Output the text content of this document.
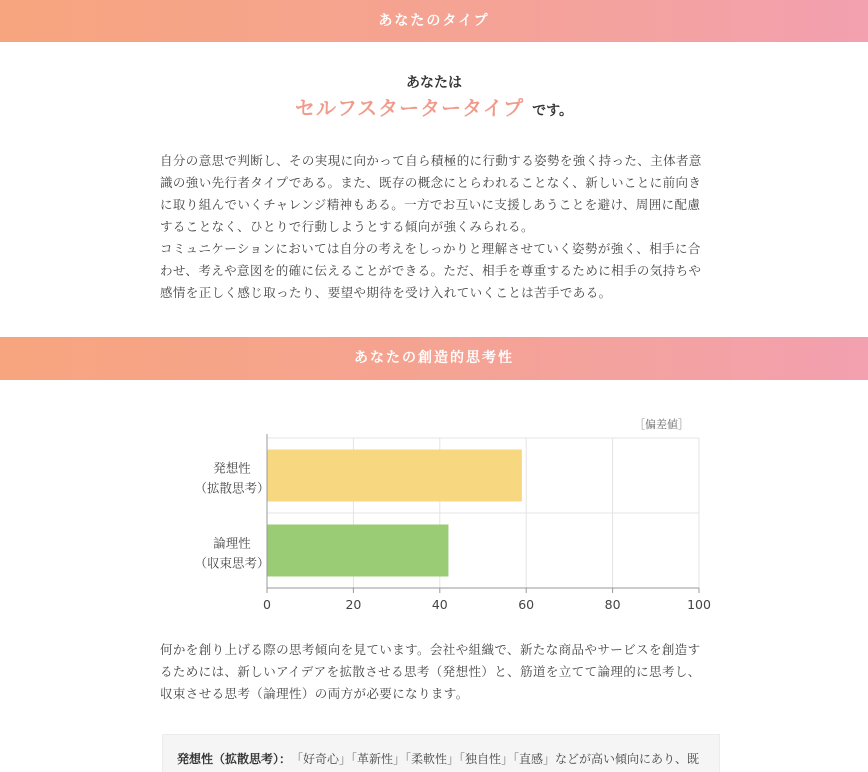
あなたのタイプ
あなたは
セルフスタータータイプ です。

自分の意思で判断し、その実現に向かって自ら積極的に行動する姿勢を強く持った、主体者意

識の強い先行者タイプである。また、既存の概念にとらわれることなく、新しいことに前向き

に取り組んでいくチャレンジ精神もある。一方でお互いに支援しあうことを避け、周囲に配慮

することなく、ひとりで行動しようとする傾向が強くみられる。

コミュニケーションにおいては自分の考えをしっかりと理解させていく姿勢が強く、相手に合

わせ、考えや意図を的確に伝えることができる。ただ、相手を尊重するために相手の気持ちや

感情を正しく感じ取ったり、要望や期待を受け入れていくことは苦手である。

あなたの創造的思考性
［偏差値］
発想性
（拡散思考）
論理性
（収束思考）
0	20	40	60	80	100

何かを創り上げる際の思考傾向を見ています。会社や組織で、新たな商品やサービスを創造す

るためには、新しいアイデアを拡散させる思考（発想性）と、筋道を立てて論理的に思考し、

収束させる思考（論理性）の両方が必要になります。

発想性（拡散思考）： 「好奇心」「革新性」「柔軟性」「独自性」「直感」などが高い傾向にあり、既
